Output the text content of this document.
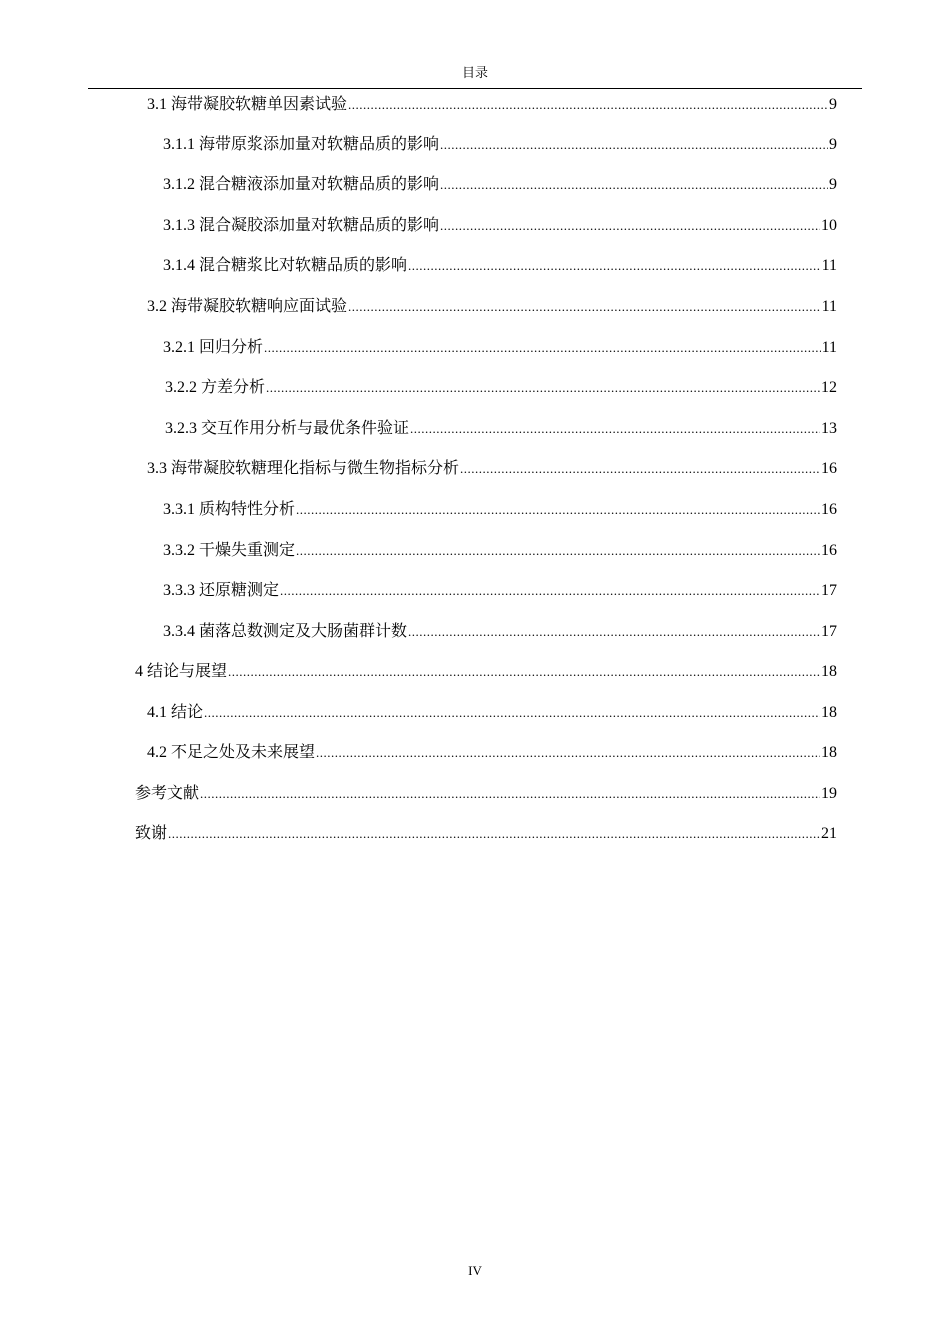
目录
3.1 海带凝胶软糖单因素试验 .....	9
3.1.1 海带原浆添加量对软糖品质的影响 .....	9
3.1.2 混合糖液添加量对软糖品质的影响 .....	9
3.1.3 混合凝胶添加量对软糖品质的影响 .....	10
3.1.4 混合糖浆比对软糖品质的影响 .....	11
3.2 海带凝胶软糖响应面试验 .....	11
3.2.1 回归分析 .....	11
3.2.2 方差分析 .....	12
3.2.3 交互作用分析与最优条件验证 .....	13
3.3 海带凝胶软糖理化指标与微生物指标分析 .....	16
3.3.1 质构特性分析 .....	16
3.3.2 干燥失重测定 .....	16
3.3.3 还原糖测定 .....	17
3.3.4 菌落总数测定及大肠菌群计数 .....	17
4 结论与展望 .....	18
4.1 结论 .....	18
4.2 不足之处及未来展望 .....	18
参考文献 .....	19
致谢 .....	21
IV
